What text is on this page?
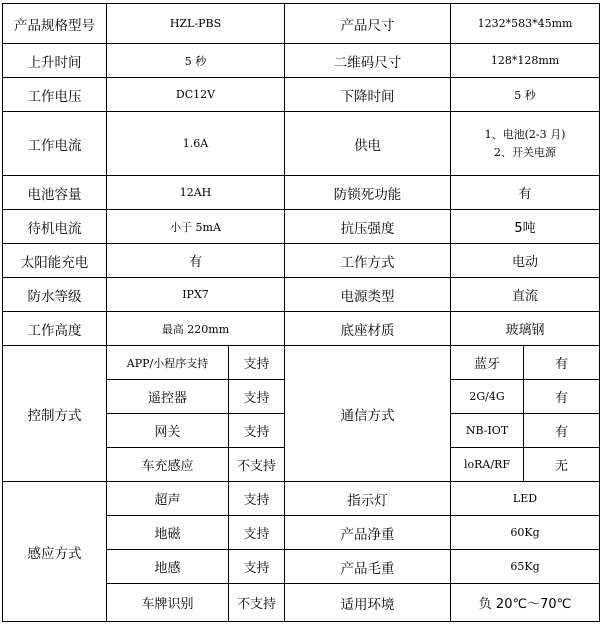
产品规格型号	HZL-PBS		产品尺寸	1232*583*45mm	
上升时间	5 秒		二维码尺寸	128*128mm	
工作电压	DC12V		下降时间	5 秒	
工作电流	1.6A		供电	1、电池(2-3 月)
2、开关电源	

电池容量	12AH		防锁死功能	有	
待机电流	小于 5mA		抗压强度	5吨	
太阳能充电	有		工作方式	电动	
防水等级	IPX7		电源类型	直流	
工作高度	最高 220mm		底座材质	玻璃钢	
控制方式	APP/小程序支持	支持	通信方式	蓝牙	有
	遥控器	支持		2G/4G	有
	网关	支持		NB-IOT	有
	车充感应	不支持		loRA/RF	无
感应方式	超声	支持	指示灯	LED	
	地磁	支持	产品净重	60Kg	
	地感	支持	产品毛重	65Kg	
	车牌识别	不支持	适用环境	负 20℃～70℃	
